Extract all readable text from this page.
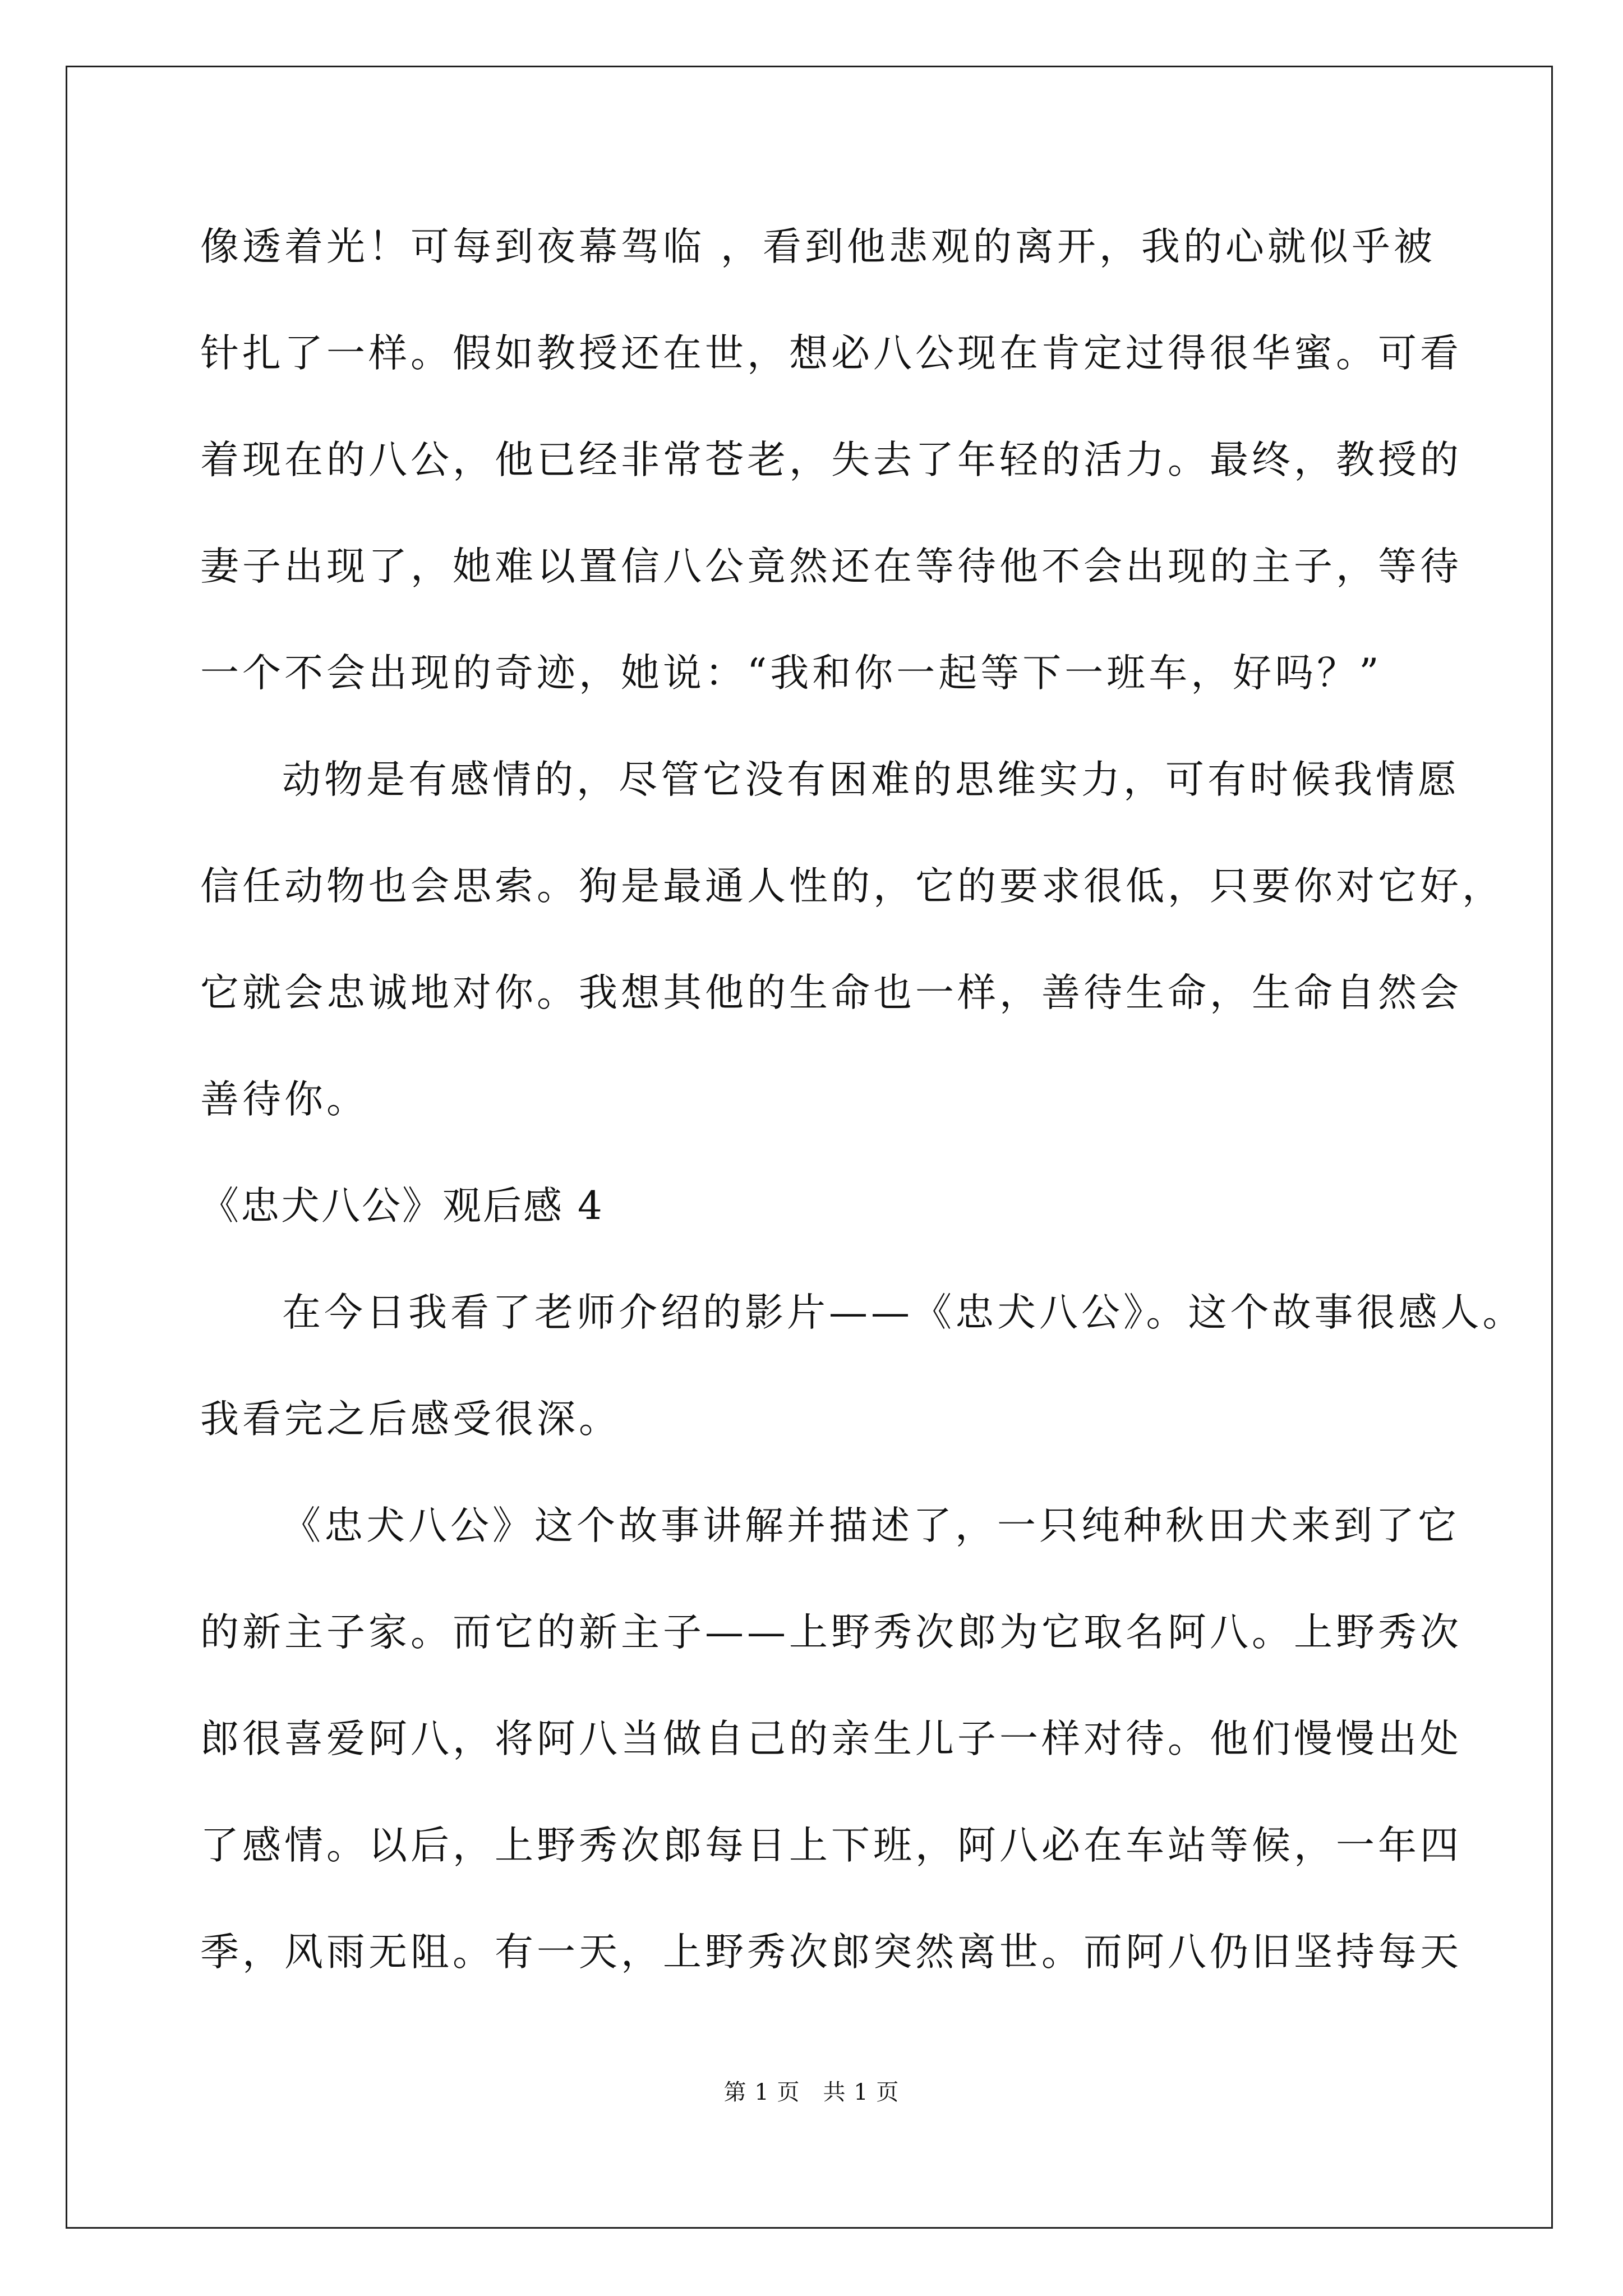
像透着光！可每到夜幕驾临 ，看到他悲观的离开，我的心就似乎被
针扎了一样。假如教授还在世，想必八公现在肯定过得很华蜜。可看
着现在的八公，他已经非常苍老，失去了年轻的活力。最终，教授的
妻子出现了，她难以置信八公竟然还在等待他不会出现的主子，等待
一个不会出现的奇迹，她说：“我和你一起等下一班车，好吗？”
动物是有感情的，尽管它没有困难的思维实力，可有时候我情愿
信任动物也会思索。狗是最通人性的，它的要求很低，只要你对它好，
它就会忠诚地对你。我想其他的生命也一样，善待生命，生命自然会
善待你。
《忠犬八公》观后感 4
在今日我看了老师介绍的影片——《忠犬八公》。这个故事很感人。
我看完之后感受很深。
《忠犬八公》这个故事讲解并描述了，一只纯种秋田犬来到了它
的新主子家。而它的新主子——上野秀次郎为它取名阿八。上野秀次
郎很喜爱阿八，将阿八当做自己的亲生儿子一样对待。他们慢慢出处
了感情。以后，上野秀次郎每日上下班，阿八必在车站等候，一年四
季，风雨无阻。有一天，上野秀次郎突然离世。而阿八仍旧坚持每天
第 1 页　共 1 页
